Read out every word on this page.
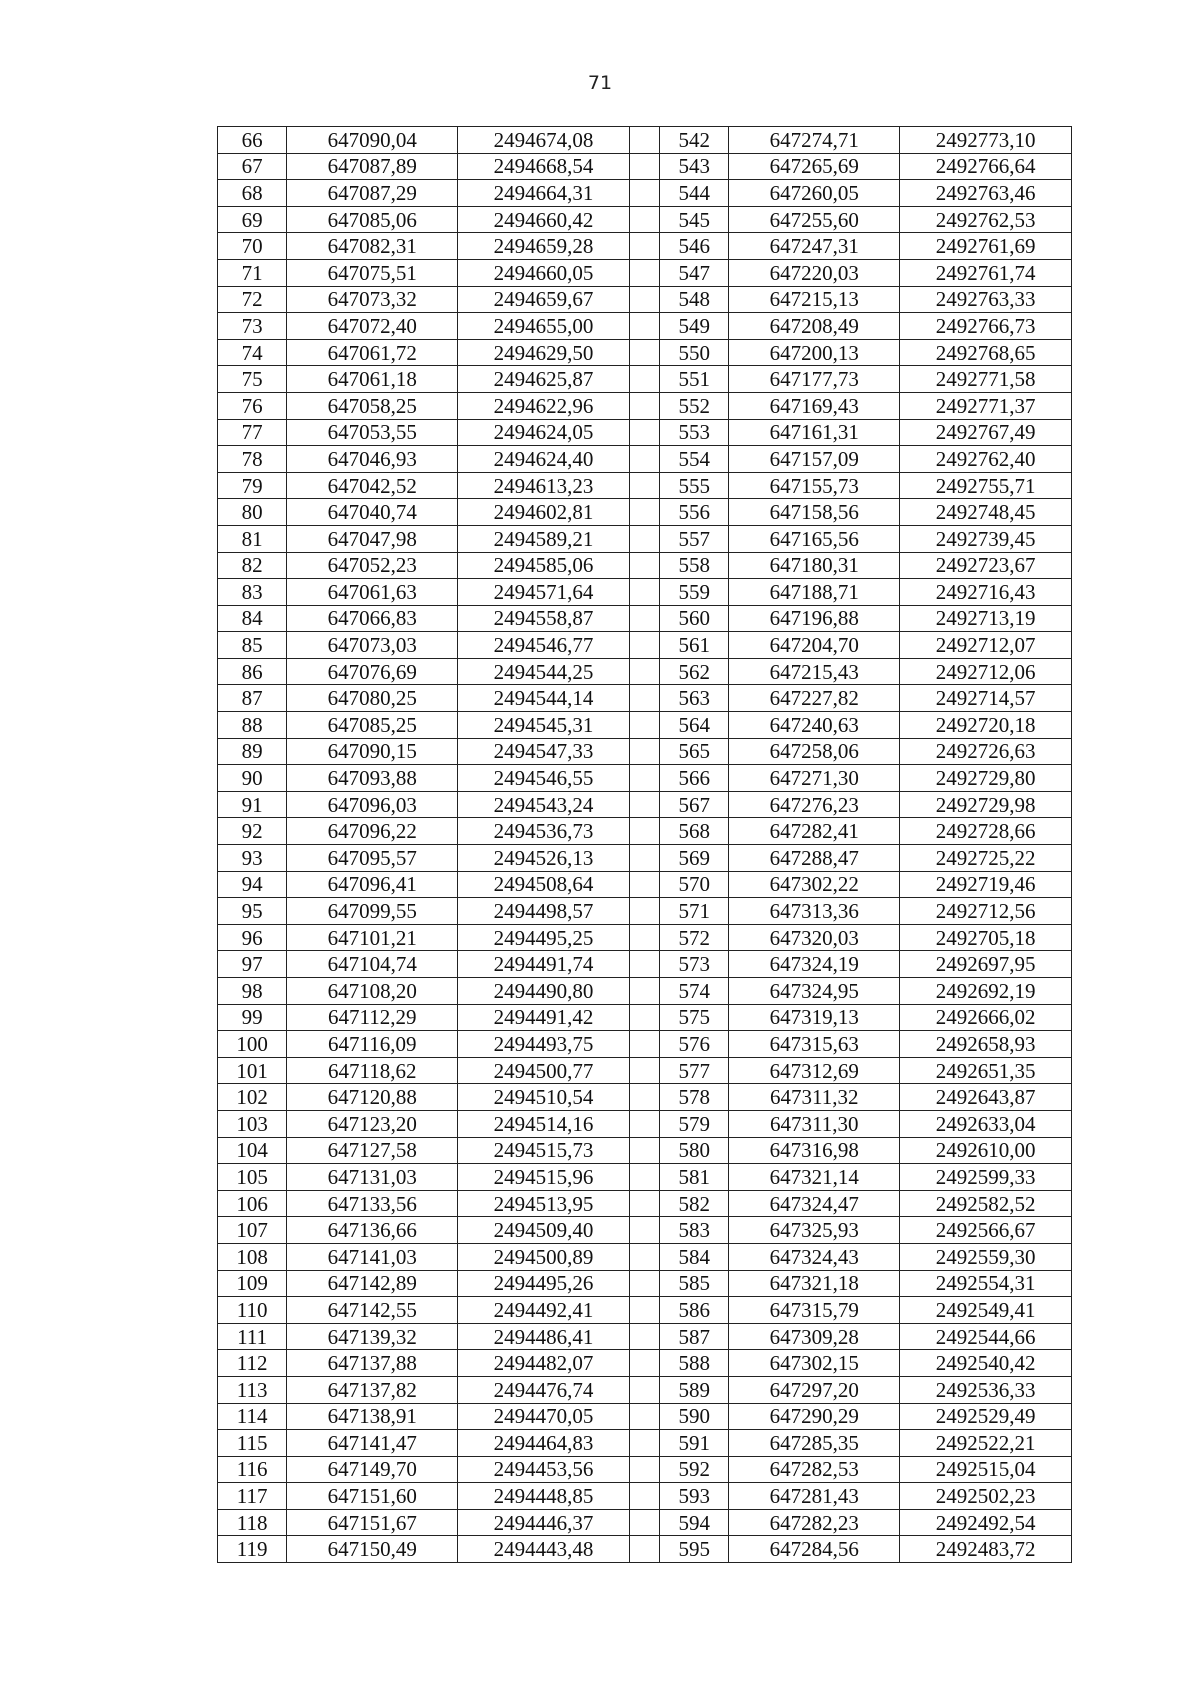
71
66	647090,04	2494674,08		542	647274,71	2492773,10
67	647087,89	2494668,54		543	647265,69	2492766,64
68	647087,29	2494664,31		544	647260,05	2492763,46
69	647085,06	2494660,42		545	647255,60	2492762,53
70	647082,31	2494659,28		546	647247,31	2492761,69
71	647075,51	2494660,05		547	647220,03	2492761,74
72	647073,32	2494659,67		548	647215,13	2492763,33
73	647072,40	2494655,00		549	647208,49	2492766,73
74	647061,72	2494629,50		550	647200,13	2492768,65
75	647061,18	2494625,87		551	647177,73	2492771,58
76	647058,25	2494622,96		552	647169,43	2492771,37
77	647053,55	2494624,05		553	647161,31	2492767,49
78	647046,93	2494624,40		554	647157,09	2492762,40
79	647042,52	2494613,23		555	647155,73	2492755,71
80	647040,74	2494602,81		556	647158,56	2492748,45
81	647047,98	2494589,21		557	647165,56	2492739,45
82	647052,23	2494585,06		558	647180,31	2492723,67
83	647061,63	2494571,64		559	647188,71	2492716,43
84	647066,83	2494558,87		560	647196,88	2492713,19
85	647073,03	2494546,77		561	647204,70	2492712,07
86	647076,69	2494544,25		562	647215,43	2492712,06
87	647080,25	2494544,14		563	647227,82	2492714,57
88	647085,25	2494545,31		564	647240,63	2492720,18
89	647090,15	2494547,33		565	647258,06	2492726,63
90	647093,88	2494546,55		566	647271,30	2492729,80
91	647096,03	2494543,24		567	647276,23	2492729,98
92	647096,22	2494536,73		568	647282,41	2492728,66
93	647095,57	2494526,13		569	647288,47	2492725,22
94	647096,41	2494508,64		570	647302,22	2492719,46
95	647099,55	2494498,57		571	647313,36	2492712,56
96	647101,21	2494495,25		572	647320,03	2492705,18
97	647104,74	2494491,74		573	647324,19	2492697,95
98	647108,20	2494490,80		574	647324,95	2492692,19
99	647112,29	2494491,42		575	647319,13	2492666,02
100	647116,09	2494493,75		576	647315,63	2492658,93
101	647118,62	2494500,77		577	647312,69	2492651,35
102	647120,88	2494510,54		578	647311,32	2492643,87
103	647123,20	2494514,16		579	647311,30	2492633,04
104	647127,58	2494515,73		580	647316,98	2492610,00
105	647131,03	2494515,96		581	647321,14	2492599,33
106	647133,56	2494513,95		582	647324,47	2492582,52
107	647136,66	2494509,40		583	647325,93	2492566,67
108	647141,03	2494500,89		584	647324,43	2492559,30
109	647142,89	2494495,26		585	647321,18	2492554,31
110	647142,55	2494492,41		586	647315,79	2492549,41
111	647139,32	2494486,41		587	647309,28	2492544,66
112	647137,88	2494482,07		588	647302,15	2492540,42
113	647137,82	2494476,74		589	647297,20	2492536,33
114	647138,91	2494470,05		590	647290,29	2492529,49
115	647141,47	2494464,83		591	647285,35	2492522,21
116	647149,70	2494453,56		592	647282,53	2492515,04
117	647151,60	2494448,85		593	647281,43	2492502,23
118	647151,67	2494446,37		594	647282,23	2492492,54
119	647150,49	2494443,48		595	647284,56	2492483,72
